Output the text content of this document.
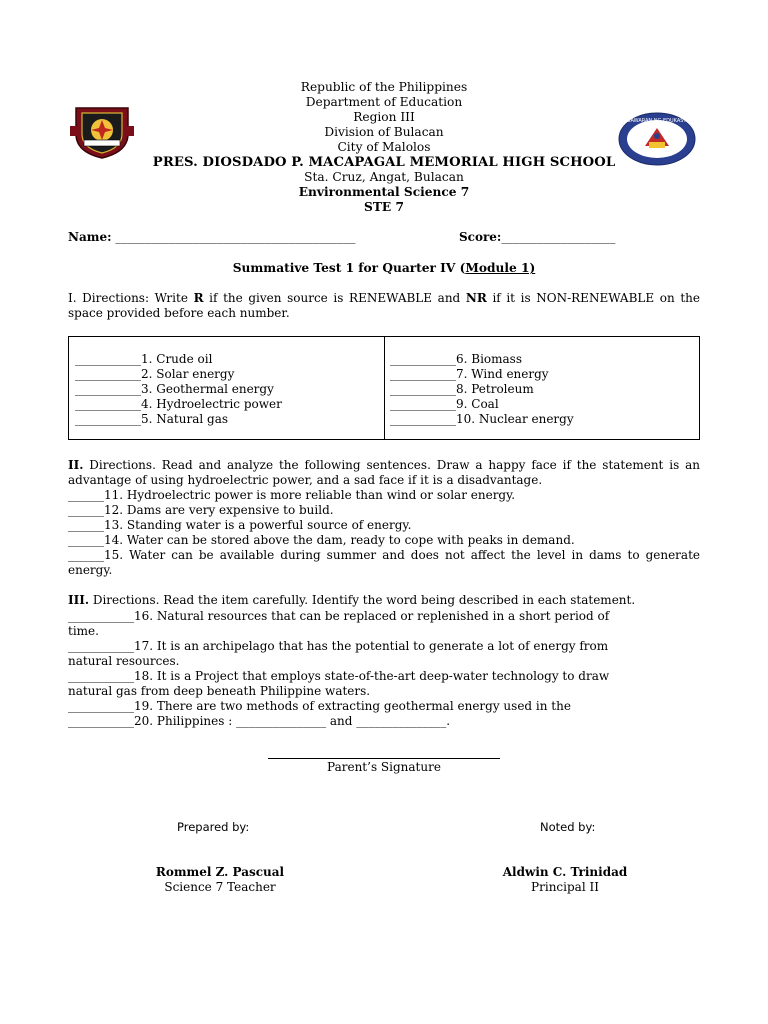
KAGAWARAN NG EDUKASYON
Republic of the Philippines
Department of Education
Region III
Division of Bulacan
City of Malolos
PRES. DIOSDADO P. MACAPAGAL MEMORIAL HIGH SCHOOL
Sta. Cruz, Angat, Bulacan
Environmental Science 7
STE 7
Name: ________________________________________	Score:___________________
Summative Test 1 for Quarter IV (Module 1)
I. Directions: Write R if the given source is RENEWABLE and NR if it is NON-RENEWABLE on the space provided before each number.
___________1. Crude oil
___________2. Solar energy
___________3. Geothermal energy
___________4. Hydroelectric power
___________5. Natural gas
___________6. Biomass
___________7. Wind energy
___________8. Petroleum
___________9. Coal
___________10. Nuclear energy
II. Directions. Read and analyze the following sentences. Draw a happy face if the statement is an advantage of using hydroelectric power, and a sad face if it is a disadvantage.
______11. Hydroelectric power is more reliable than wind or solar energy.
______12. Dams are very expensive to build.
______13. Standing water is a powerful source of energy.
______14. Water can be stored above the dam, ready to cope with peaks in demand.
______15. Water can be available during summer and does not affect the level in dams to generate energy.
III. Directions. Read the item carefully. Identify the word being described in each statement.
___________16. Natural resources that can be replaced or replenished in a short period of time.
___________17. It is an archipelago that has the potential to generate a lot of energy from natural resources.
___________18. It is a Project that employs state-of-the-art deep-water technology to draw natural gas from deep beneath Philippine waters.
___________19. There are two methods of extracting geothermal energy used in the
___________20. Philippines : _______________ and _______________.
Parent’s Signature
Prepared by:	Noted by:
Rommel Z. Pascual
Science 7 Teacher
Aldwin C. Trinidad
Principal II
